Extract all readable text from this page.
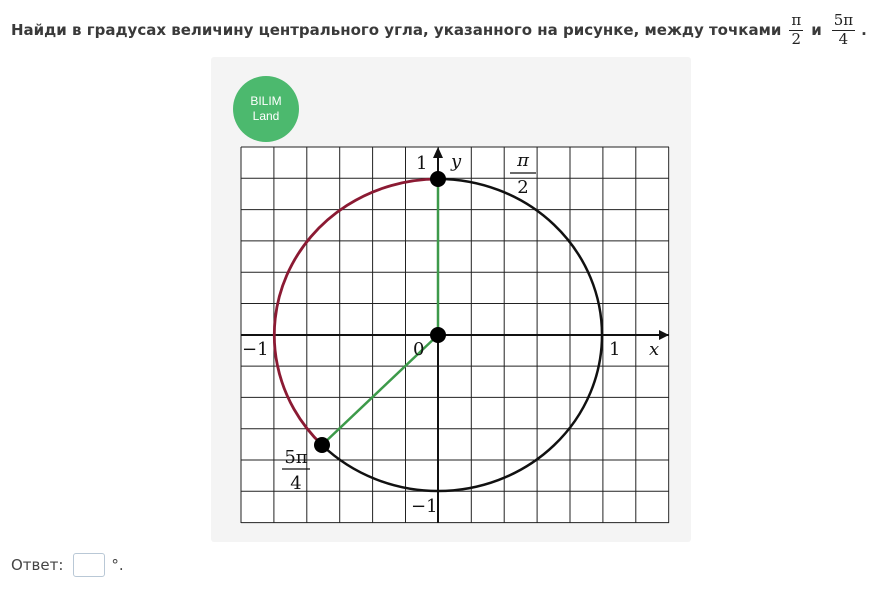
Найди в градусах величину центрального угла, указанного на рисунке, между точками $\frac{\pi}{2}$ и $\frac{5\pi}{4}$ .
BILIM
Land
1 y	π
2
−1	0	1 x
5π
4
−1
Ответ:	°.
